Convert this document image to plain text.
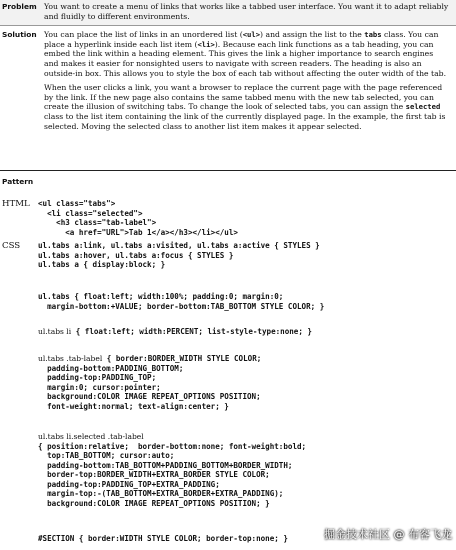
Problem You want to create a menu of links that works like a tabbed user interface. You want it to adapt reliably and fluidly to different environments.

Solution You can place the list of links in an unordered list (<ul>) and assign the list to the tabs class. You can place a hyperlink inside each list item (<li>). Because each link functions as a tab heading, you can embed the link within a heading element. This gives the link a higher importance to search engines and makes it easier for nonsighted users to navigate with screen readers. The heading is also an outside-in box. This allows you to style the box of each tab without affecting the outer width of the tab.

When the user clicks a link, you want a browser to replace the current page with the page referenced by the link. If the new page also contains the same tabbed menu with the new tab selected, you can create the illusion of switching tabs. To change the look of selected tabs, you can assign the selected class to the list item containing the link of the currently displayed page. In the example, the first tab is selected. Moving the selected class to another list item makes it appear selected.

Pattern
HTML <ul class="tabs">
<li class="selected">
<h3 class="tab-label">
<a href="URL">Tab 1</a></h3></li></ul>
CSS ul.tabs a:link, ul.tabs a:visited, ul.tabs a:active { STYLES }
ul.tabs a:hover, ul.tabs a:focus { STYLES }
ul.tabs a { display:block; }
ul.tabs { float:left; width:100%; padding:0; margin:0;
margin-bottom:+VALUE; border-bottom:TAB_BOTTOM STYLE COLOR; }
ul.tabs li { float:left; width:PERCENT; list-style-type:none; }
ul.tabs .tab-label { border:BORDER_WIDTH STYLE COLOR;
padding-bottom:PADDING_BOTTOM;
padding-top:PADDING_TOP;
margin:0; cursor:pointer;
background:COLOR IMAGE REPEAT_OPTIONS POSITION;
font-weight:normal; text-align:center; }
ul.tabs li.selected .tab-label
{ position:relative;  border-bottom:none; font-weight:bold;
top:TAB_BOTTOM; cursor:auto;
padding-bottom:TAB_BOTTOM+PADDING_BOTTOM+BORDER_WIDTH;
border-top:BORDER_WIDTH+EXTRA_BORDER STYLE COLOR;
padding-top:PADDING_TOP+EXTRA_PADDING;
margin-top:-(TAB_BOTTOM+EXTRA_BORDER+EXTRA_PADDING);
background:COLOR IMAGE REPEAT_OPTIONS POSITION; }
#SECTION { border:WIDTH STYLE COLOR; border-top:none; }	掘金技术社区 @ 布客飞龙
